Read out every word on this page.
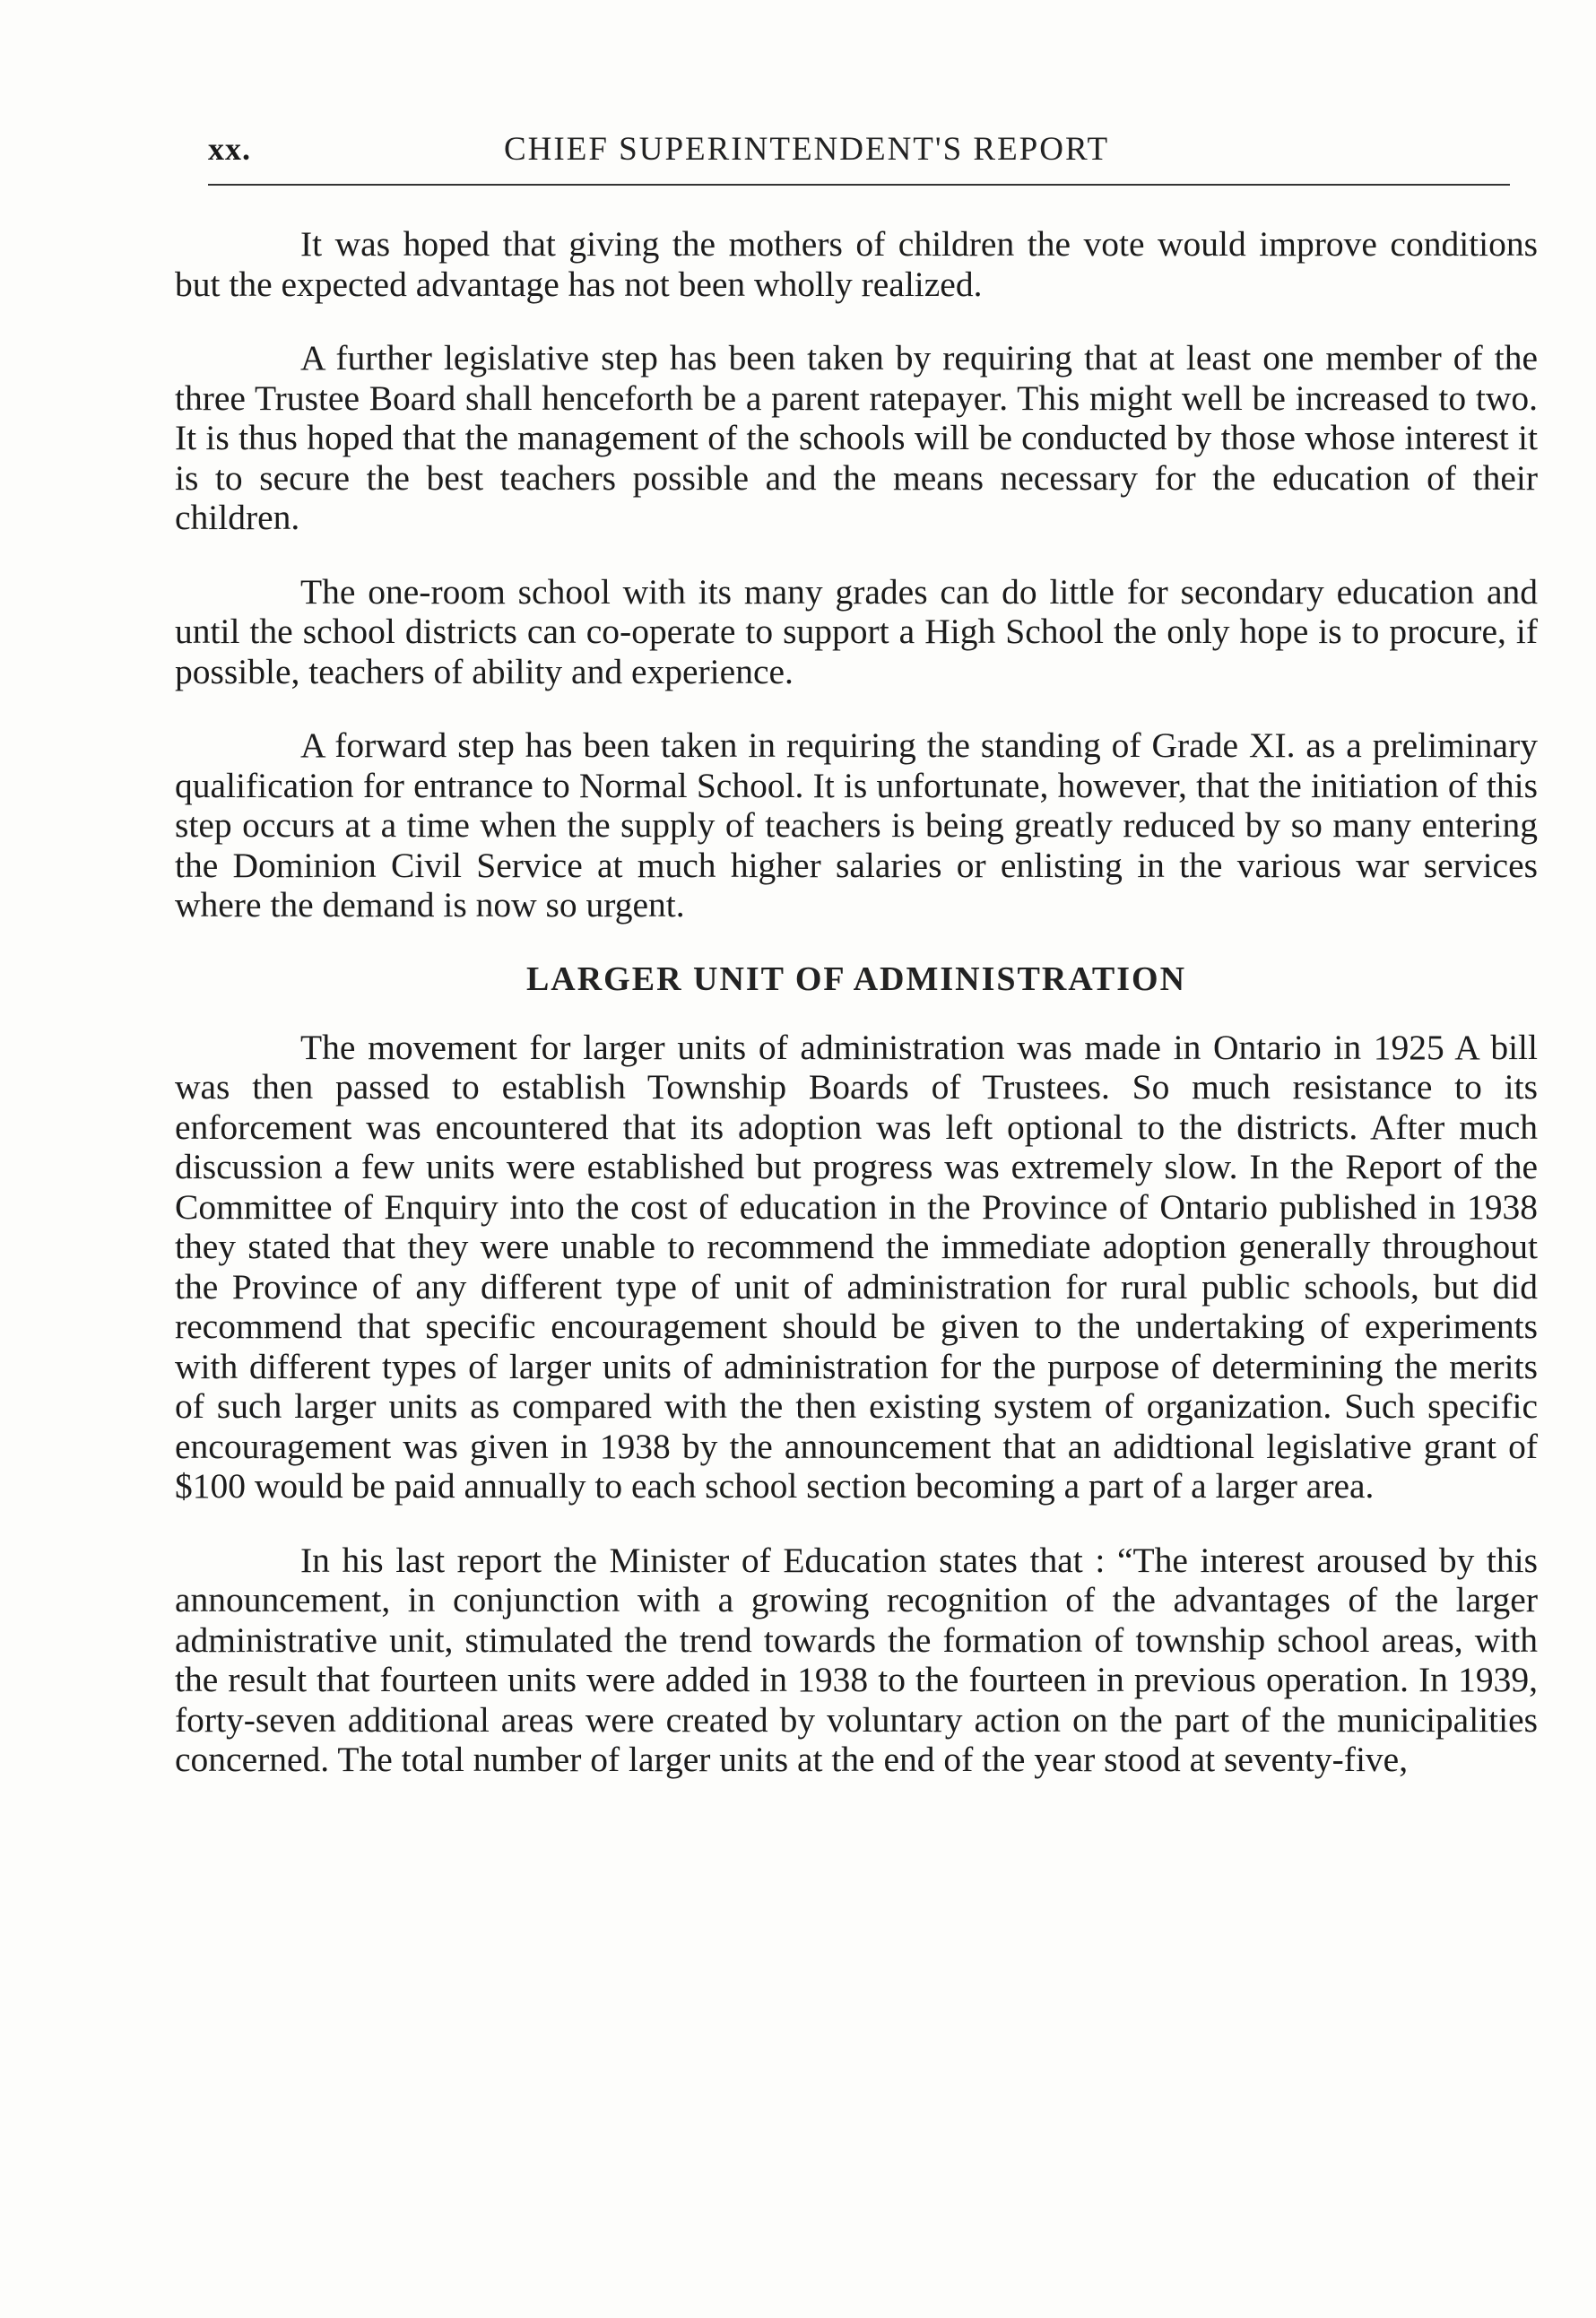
xx.	CHIEF SUPERINTENDENT'S REPORT

It was hoped that giving the mothers of children the vote would improve conditions but the expected advantage has not been wholly realized.

A further legislative step has been taken by requiring that at least one member of the three Trustee Board shall henceforth be a parent ratepayer. This might well be increased to two. It is thus hoped that the management of the schools will be conducted by those whose interest it is to secure the best teachers possible and the means necessary for the education of their children.

The one-room school with its many grades can do little for secondary education and until the school districts can co-operate to support a High School the only hope is to procure, if possible, teachers of ability and experience.

A forward step has been taken in requiring the standing of Grade XI. as a preliminary qualification for entrance to Normal School. It is unfortunate, however, that the initiation of this step occurs at a time when the supply of teachers is being greatly reduced by so many entering the Dominion Civil Service at much higher salaries or enlisting in the various war services where the demand is now so urgent.

LARGER UNIT OF ADMINISTRATION

The movement for larger units of administration was made in Ontario in 1925 A bill was then passed to establish Township Boards of Trustees. So much resistance to its enforcement was encountered that its adoption was left optional to the districts. After much discussion a few units were established but progress was extremely slow. In the Report of the Committee of Enquiry into the cost of education in the Province of Ontario published in 1938 they stated that they were unable to recommend the immediate adoption generally throughout the Province of any different type of unit of administration for rural public schools, but did recommend that specific encouragement should be given to the undertaking of experiments with different types of larger units of administration for the purpose of determining the merits of such larger units as compared with the then existing system of organization. Such specific encouragement was given in 1938 by the announcement that an adidtional legislative grant of $100 would be paid annually to each school section becoming a part of a larger area.

In his last report the Minister of Education states that : “The interest aroused by this announcement, in conjunction with a growing recognition of the advantages of the larger administrative unit, stimulated the trend towards the formation of township school areas, with the result that fourteen units were added in 1938 to the fourteen in previous operation. In 1939, forty-seven additional areas were created by voluntary action on the part of the municipalities concerned. The total number of larger units at the end of the year stood at seventy-five,
